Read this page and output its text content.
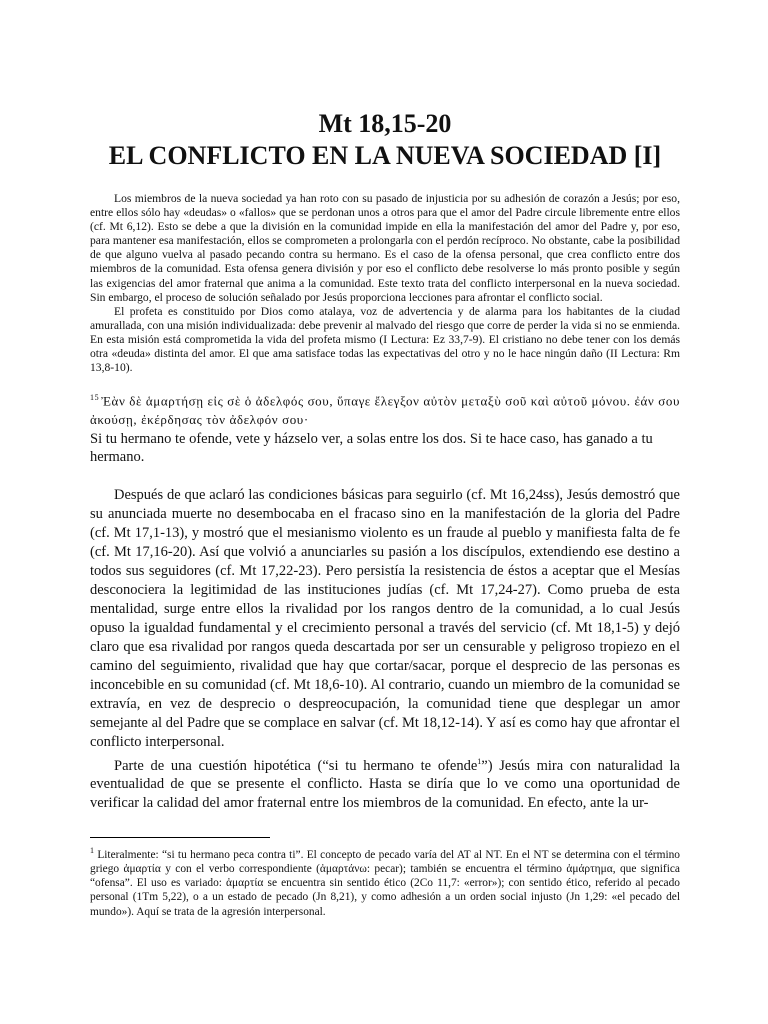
Mt 18,15-20
EL CONFLICTO EN LA NUEVA SOCIEDAD [I]

Los miembros de la nueva sociedad ya han roto con su pasado de injusticia por su adhesión de corazón a Jesús; por eso, entre ellos sólo hay «deudas» o «fallos» que se perdonan unos a otros para que el amor del Padre circule libremente entre ellos (cf. Mt 6,12). Esto se debe a que la división en la comunidad impide en ella la manifestación del amor del Padre y, por eso, para mantener esa manifestación, ellos se comprometen a prolongarla con el perdón recíproco. No obstante, cabe la posibilidad de que alguno vuelva al pasado pecando contra su hermano. Es el caso de la ofensa personal, que crea conflicto entre dos miembros de la comunidad. Esta ofensa genera división y por eso el conflicto debe resolverse lo más pronto posible y según las exigencias del amor fraternal que anima a la comunidad. Este texto trata del conflicto interpersonal en la nueva sociedad. Sin embargo, el proceso de solución señalado por Jesús proporciona lecciones para afrontar el conflicto social.

El profeta es constituido por Dios como atalaya, voz de advertencia y de alarma para los habitantes de la ciudad amurallada, con una misión individualizada: debe prevenir al malvado del riesgo que corre de perder la vida si no se enmienda. En esta misión está comprometida la vida del profeta mismo (I Lectura: Ez 33,7-9). El cristiano no debe tener con los demás otra «deuda» distinta del amor. El que ama satisface todas las expectativas del otro y no le hace ningún daño (II Lectura: Rm 13,8-10).

$^{15}$ Ἐὰν δὲ ἁμαρτήσῃ εἰς σὲ ὁ ἀδελφός σου, ὕπαγε ἔλεγξον αὐτὸν μεταξὺ σοῦ καὶ αὐτοῦ μόνου. ἐάν σου ἀκούσῃ, ἐκέρδησας τὸν ἀδελφόν σου·

Si tu hermano te ofende, vete y házselo ver, a solas entre los dos. Si te hace caso, has ganado a tu hermano.

Después de que aclaró las condiciones básicas para seguirlo (cf. Mt 16,24ss), Jesús demostró que su anunciada muerte no desembocaba en el fracaso sino en la manifestación de la gloria del Padre (cf. Mt 17,1-13), y mostró que el mesianismo violento es un fraude al pueblo y manifiesta falta de fe (cf. Mt 17,16-20). Así que volvió a anunciarles su pasión a los discípulos, extendiendo ese destino a todos sus seguidores (cf. Mt 17,22-23). Pero persistía la resistencia de éstos a aceptar que el Mesías desconociera la legitimidad de las instituciones judías (cf. Mt 17,24-27). Como prueba de esta mentalidad, surge entre ellos la rivalidad por los rangos dentro de la comunidad, a lo cual Jesús opuso la igualdad fundamental y el crecimiento personal a través del servicio (cf. Mt 18,1-5) y dejó claro que esa rivalidad por rangos queda descartada por ser un censurable y peligroso tropiezo en el camino del seguimiento, rivalidad que hay que cortar/sacar, porque el desprecio de las personas es inconcebible en su comunidad (cf. Mt 18,6-10). Al contrario, cuando un miembro de la comunidad se extravía, en vez de desprecio o despreocupación, la comunidad tiene que desplegar un amor semejante al del Padre que se complace en salvar (cf. Mt 18,12-14). Y así es como hay que afrontar el conflicto interpersonal.

Parte de una cuestión hipotética (“si tu hermano te ofende$^1$”) Jesús mira con naturalidad la eventualidad de que se presente el conflicto. Hasta se diría que lo ve como una oportunidad de verificar la calidad del amor fraternal entre los miembros de la comunidad. En efecto, ante la ur-

$^1$ Literalmente: “si tu hermano peca contra ti”. El concepto de pecado varía del AT al NT. En el NT se determina con el término griego ἁμαρτία y con el verbo correspondiente (ἁμαρτάνω: pecar); también se encuentra el término ἁμάρτημα, que significa “ofensa”. El uso es variado: ἁμαρτία se encuentra sin sentido ético (2Co 11,7: «error»); con sentido ético, referido al pecado personal (1Tm 5,22), o a un estado de pecado (Jn 8,21), y como adhesión a un orden social injusto (Jn 1,29: «el pecado del mundo»). Aquí se trata de la agresión interpersonal.
